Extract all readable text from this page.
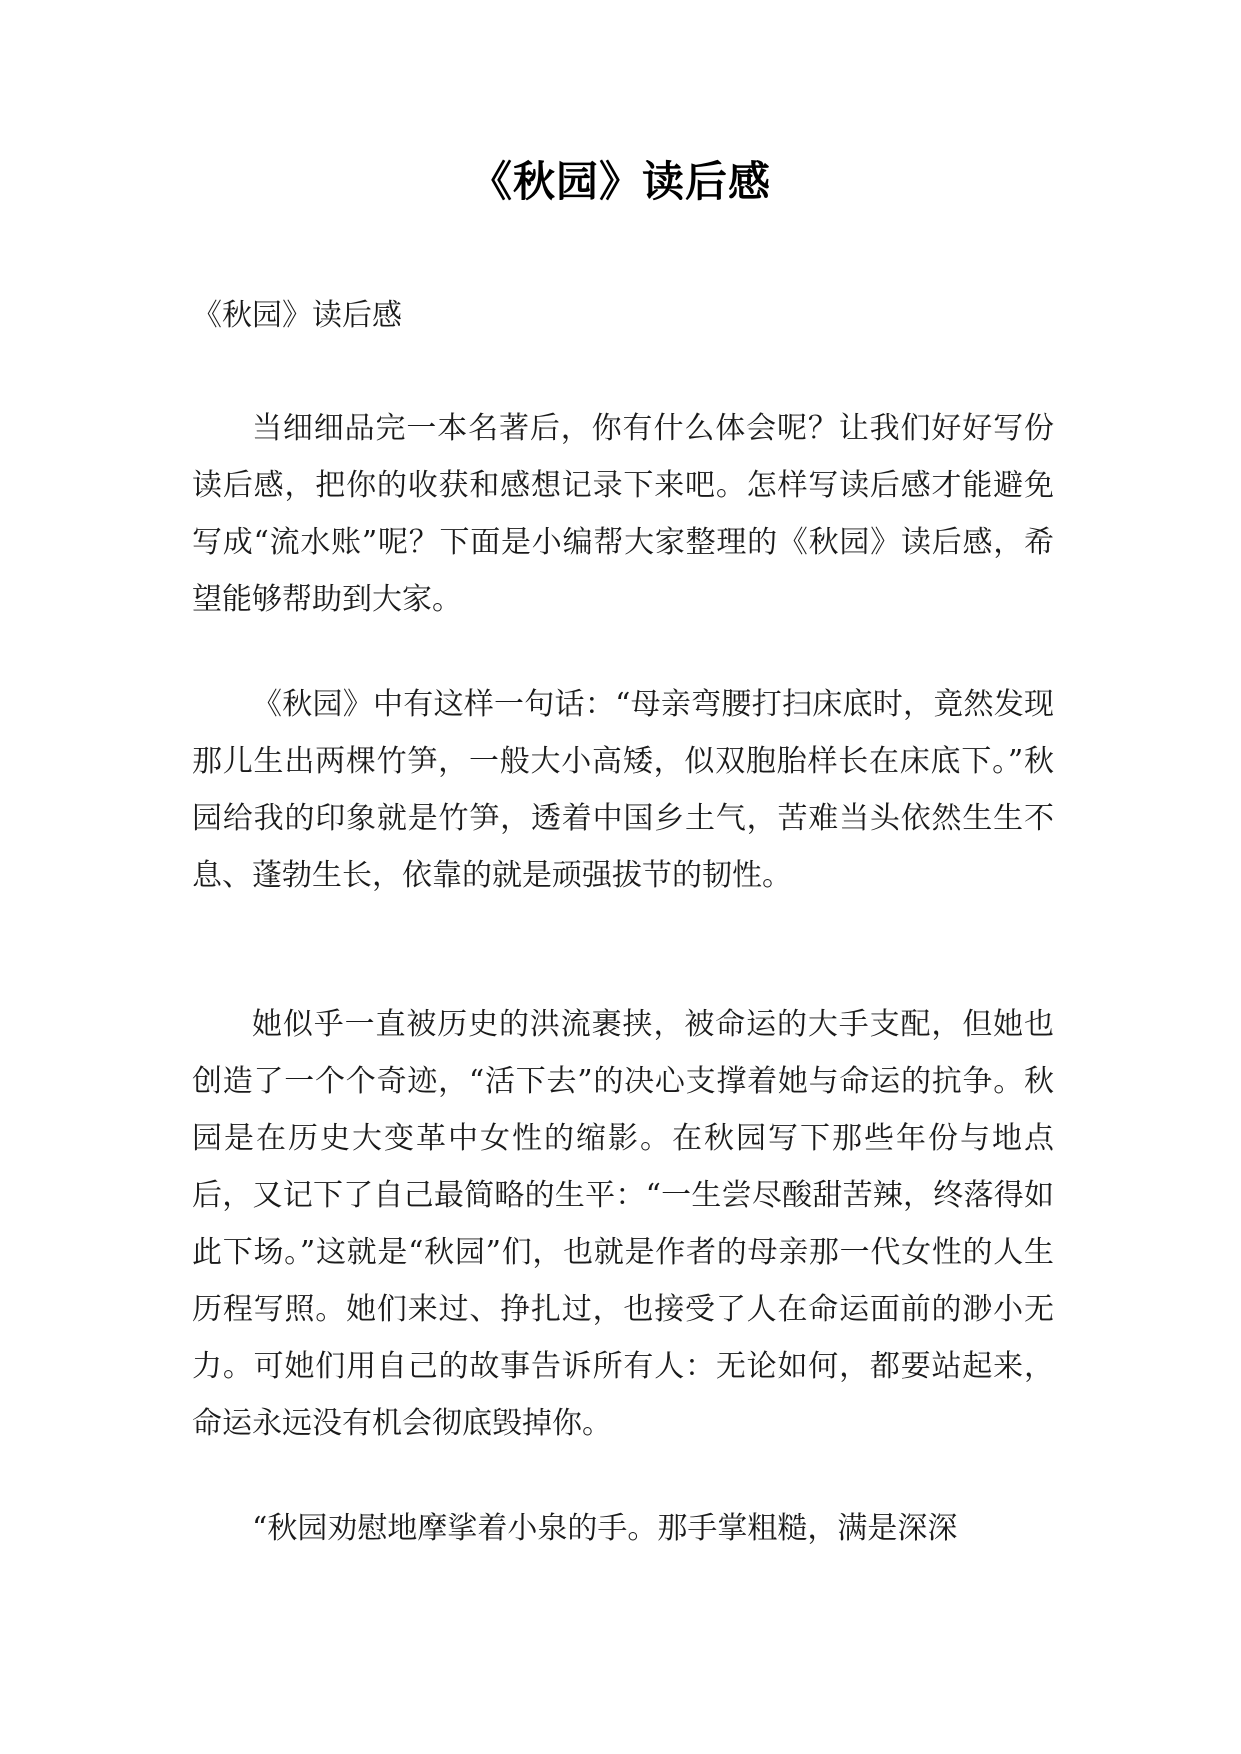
《秋园》读后感

《秋园》读后感

当细细品完一本名著后，你有什么体会呢？让我们好好写份读后感，把你的收获和感想记录下来吧。怎样写读后感才能避免写成“流水账”呢？下面是小编帮大家整理的《秋园》读后感，希望能够帮助到大家。

《秋园》中有这样一句话：“母亲弯腰打扫床底时，竟然发现那儿生出两棵竹笋，一般大小高矮，似双胞胎样长在床底下。”秋园给我的印象就是竹笋，透着中国乡土气，苦难当头依然生生不息、蓬勃生长，依靠的就是顽强拔节的韧性。

她似乎一直被历史的洪流裹挟，被命运的大手支配，但她也创造了一个个奇迹，“活下去”的决心支撑着她与命运的抗争。秋园是在历史大变革中女性的缩影。在秋园写下那些年份与地点后，又记下了自己最简略的生平：“一生尝尽酸甜苦辣，终落得如此下场。”这就是“秋园”们，也就是作者的母亲那一代女性的人生历程写照。她们来过、挣扎过，也接受了人在命运面前的渺小无力。可她们用自己的故事告诉所有人：无论如何，都要站起来，命运永远没有机会彻底毁掉你。

“秋园劝慰地摩挲着小泉的手。那手掌粗糙，满是深深
